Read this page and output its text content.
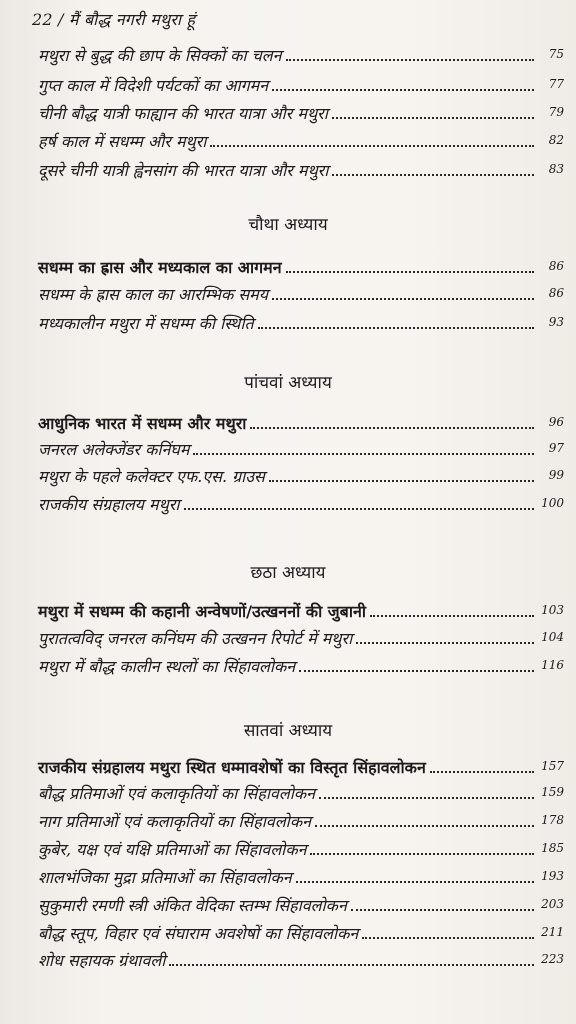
22 / मैं बौद्ध नगरी मथुरा हूं
मथुरा से बुद्ध की छाप के सिक्कों का चलन	75
गुप्त काल में विदेशी पर्यटकों का आगमन	77
चीनी बौद्ध यात्री फाह्यान की भारत यात्रा और मथुरा	79
हर्ष काल में सधम्म और मथुरा	82
दूसरे चीनी यात्री ह्वेनसांग की भारत यात्रा और मथुरा	83
चौथा अध्याय
सधम्म का ह्रास और मध्यकाल का आगमन	86
सधम्म के ह्रास काल का आरम्भिक समय	86
मध्यकालीन मथुरा में सधम्म की स्थिति	93
पांचवां अध्याय
आधुनिक भारत में सधम्म और मथुरा	96
जनरल अलेक्जेंडर कनिंघम	97
मथुरा के पहले कलेक्टर एफ.एस. ग्राउस	99
राजकीय संग्रहालय मथुरा	100
छठा अध्याय
मथुरा में सधम्म की कहानी अन्वेषणों/उत्खननों की जुबानी	103
पुरातत्वविद् जनरल कनिंघम की उत्खनन रिपोर्ट में मथुरा	104
मथुरा में बौद्ध कालीन स्थलों का सिंहावलोकन	116
सातवां अध्याय
राजकीय संग्रहालय मथुरा स्थित धम्मावशेषों का विस्तृत सिंहावलोकन	157
बौद्ध प्रतिमाओं एवं कलाकृतियों का सिंहावलोकन	159
नाग प्रतिमाओं एवं कलाकृतियों का सिंहावलोकन	178
कुबेर, यक्ष एवं यक्षि प्रतिमाओं का सिंहावलोकन	185
शालभंजिका मुद्रा प्रतिमाओं का सिंहावलोकन	193
सुकुमारी रमणी स्त्री अंकित वेदिका स्तम्भ सिंहावलोकन	203
बौद्ध स्तूप, विहार एवं संघाराम अवशेषों का सिंहावलोकन	211
शोध सहायक ग्रंथावली	223
